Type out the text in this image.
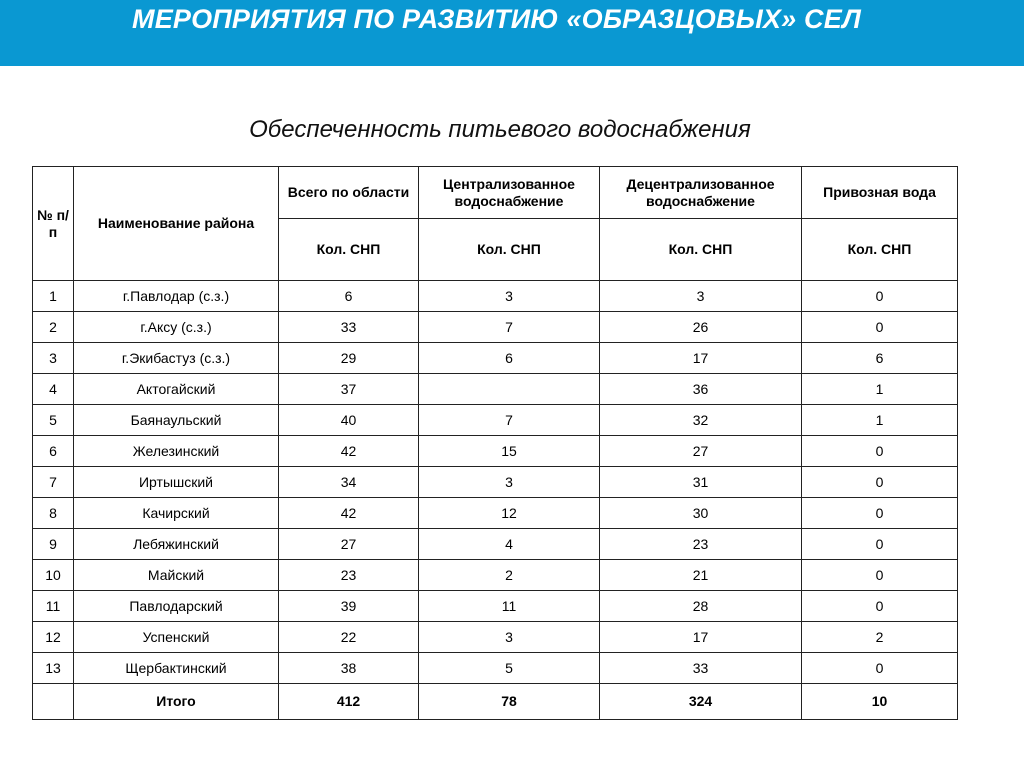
МЕРОПРИЯТИЯ ПО РАЗВИТИЮ «ОБРАЗЦОВЫХ» СЕЛ
Обеспеченность питьевого водоснабжения
№ п/п	Наименование района	Всего по области	Централизованное водоснабжение	Децентрализованное водоснабжение	Привозная вода
		Кол. СНП	Кол. СНП	Кол. СНП	Кол. СНП
1	г.Павлодар (с.з.)	6	3	3	0
2	г.Аксу (с.з.)	33	7	26	0
3	г.Экибастуз (с.з.)	29	6	17	6
4	Актогайский	37		36	1
5	Баянаульский	40	7	32	1
6	Железинский	42	15	27	0
7	Иртышский	34	3	31	0
8	Качирский	42	12	30	0
9	Лебяжинский	27	4	23	0
10	Майский	23	2	21	0
11	Павлодарский	39	11	28	0
12	Успенский	22	3	17	2
13	Щербактинский	38	5	33	0
	Итого	412	78	324	10
